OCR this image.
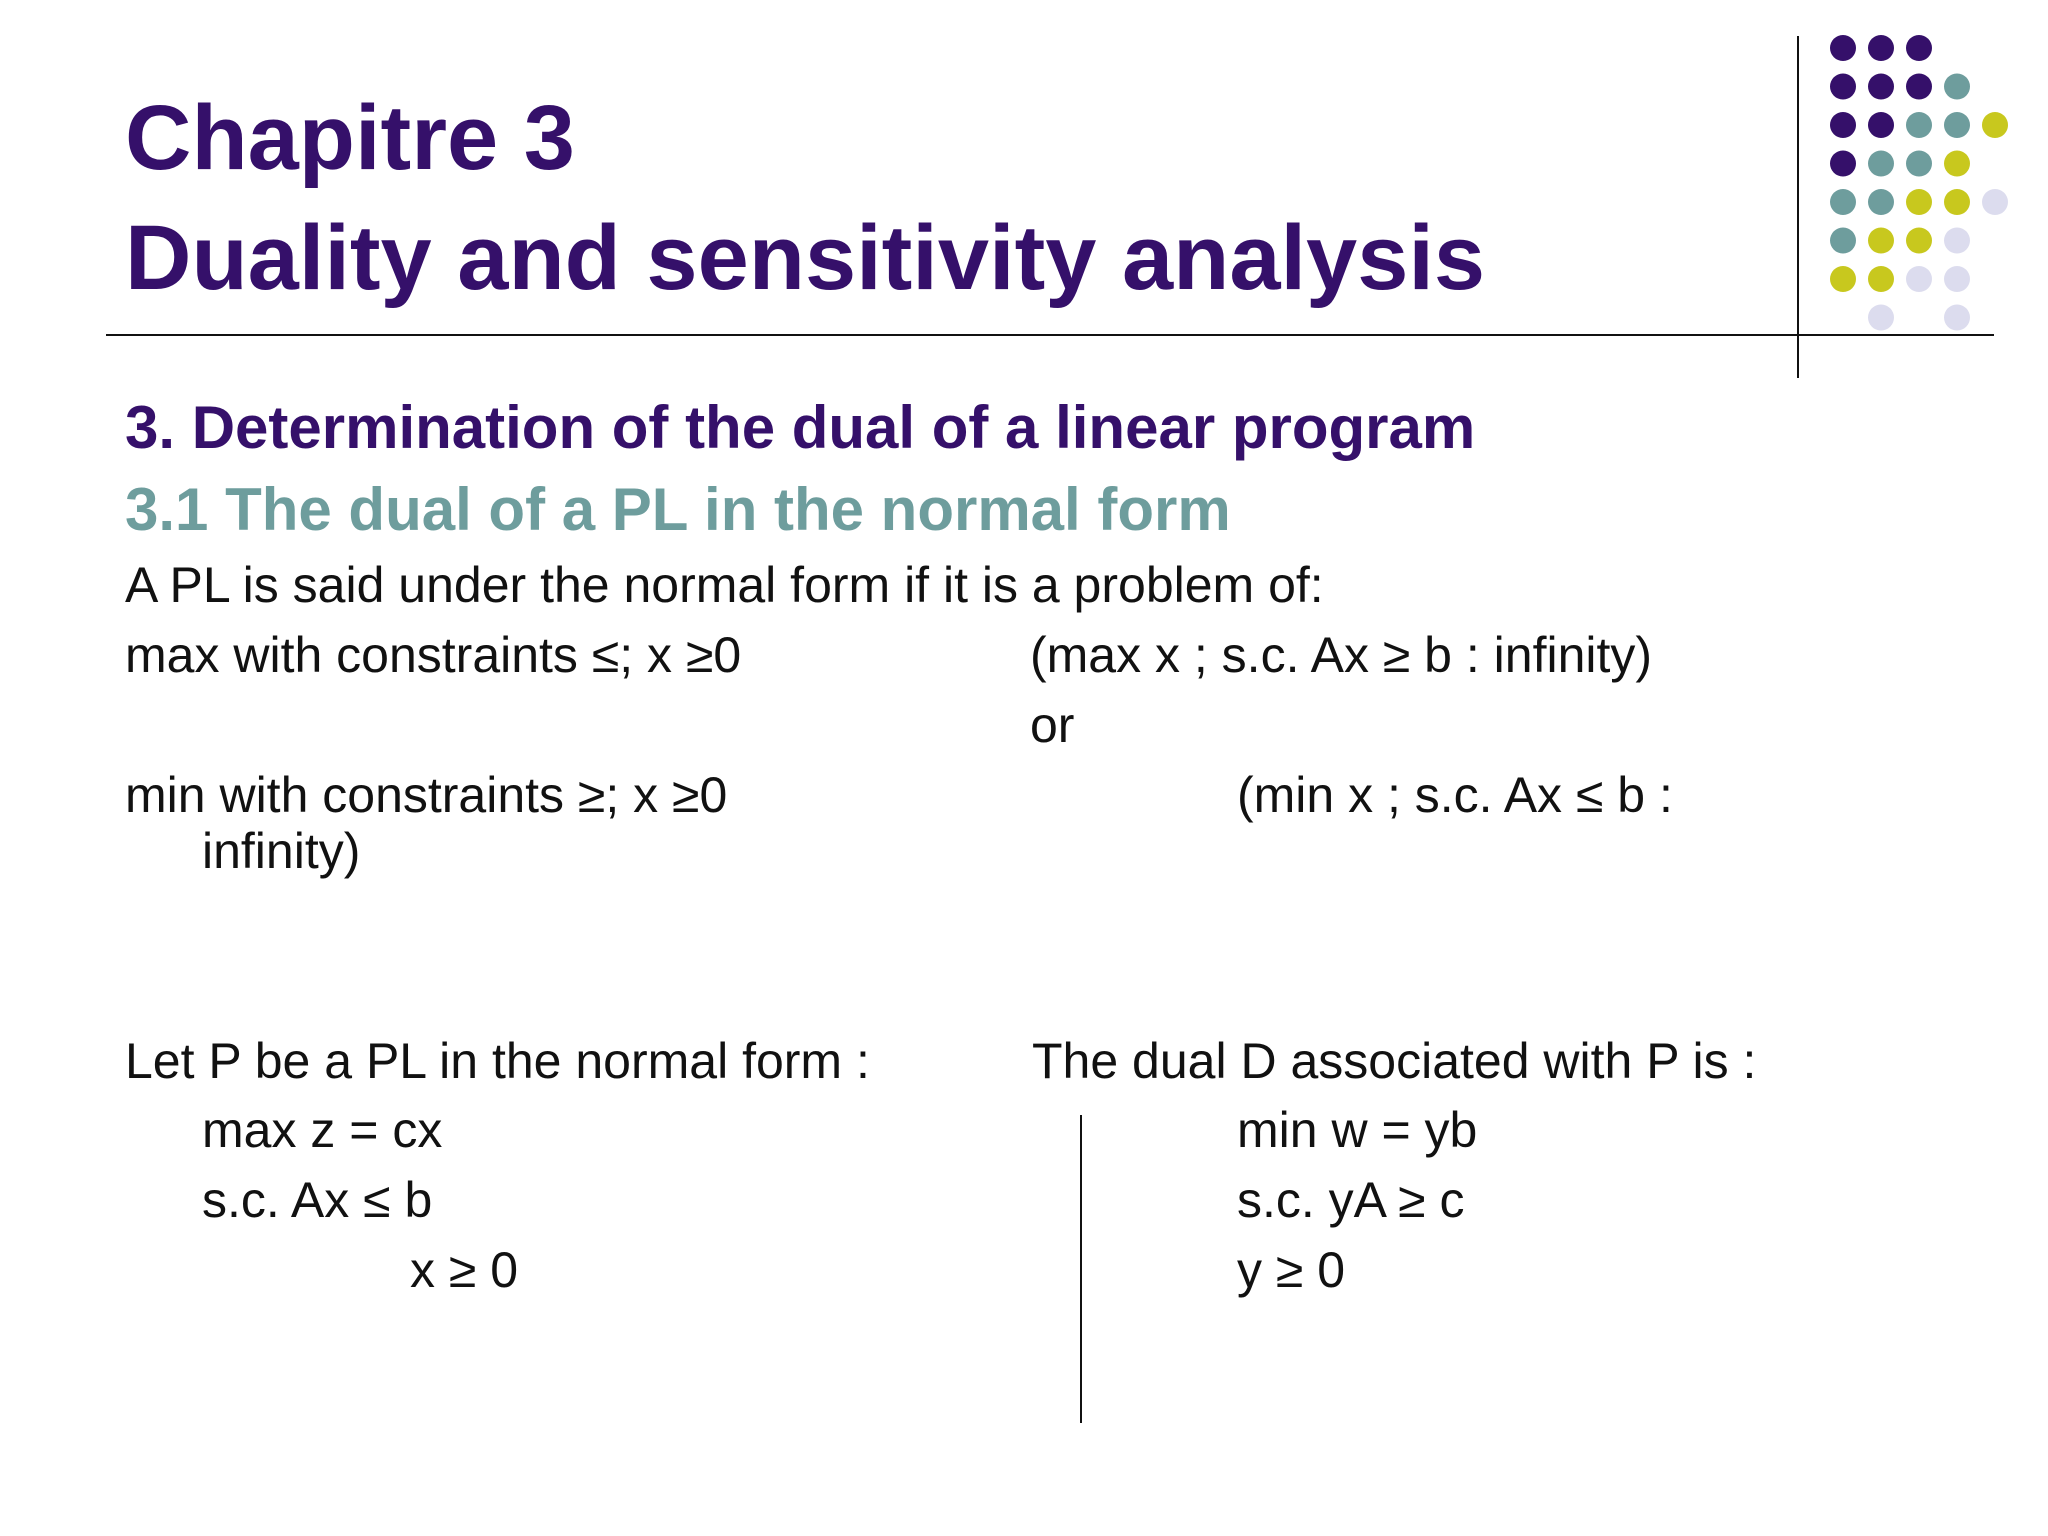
Chapitre 3
Duality and sensitivity analysis
3. Determination of the dual of a linear program
3.1 The dual of a PL in the normal form
A PL is said under the normal form if it is a problem of:
max with constraints ≤; x ≥0	(max x ; s.c. Ax ≥ b : infinity)
or
min with constraints ≥; x ≥0	(min x ; s.c. Ax ≤ b :
infinity)
Let P be a PL in the normal form :	The dual D associated with P is :
max z = cx
s.c. Ax ≤ b
x ≥ 0
min w = yb
s.c. yA ≥ c
y ≥ 0
